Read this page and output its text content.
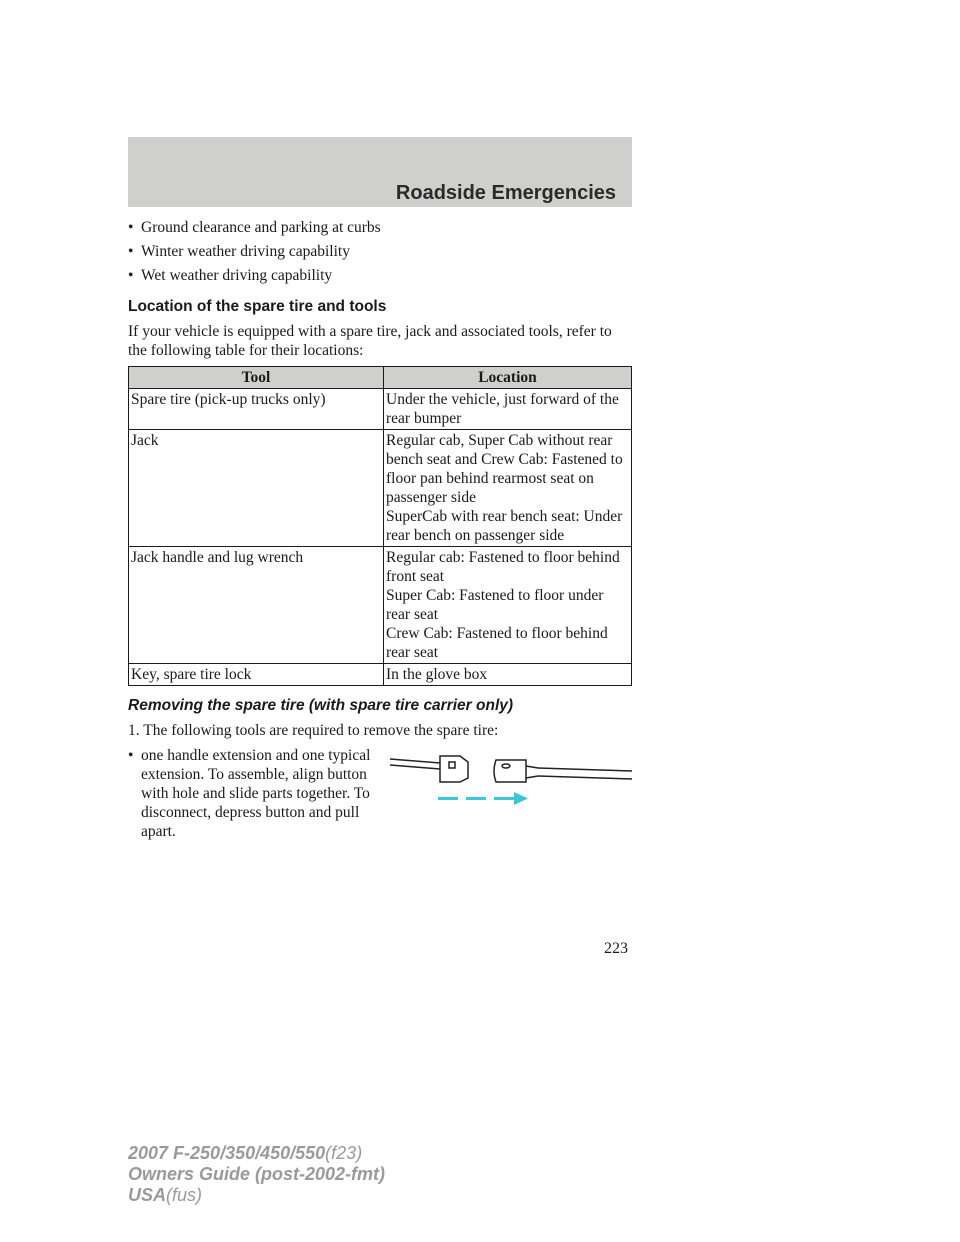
Roadside Emergencies
• Ground clearance and parking at curbs
• Winter weather driving capability
• Wet weather driving capability
Location of the spare tire and tools
If your vehicle is equipped with a spare tire, jack and associated tools, refer to the following table for their locations:
Tool	Location
Spare tire (pick-up trucks only)	Under the vehicle, just forward of the rear bumper

Jack	Regular cab, Super Cab without rear bench seat and Crew Cab: Fastened to floor pan behind rearmost seat on passenger side
SuperCab with rear bench seat: Under rear bench on passenger side

Jack handle and lug wrench	Regular cab: Fastened to floor behind front seat
Super Cab: Fastened to floor under rear seat
Crew Cab: Fastened to floor behind rear seat

Key, spare tire lock	In the glove box
Removing the spare tire (with spare tire carrier only)
1. The following tools are required to remove the spare tire:
• one handle extension and one typical extension. To assemble, align button with hole and slide parts together. To disconnect, depress button and pull apart.
223
2007 F-250/350/450/550(f23)
Owners Guide (post-2002-fmt)
USA(fus)
